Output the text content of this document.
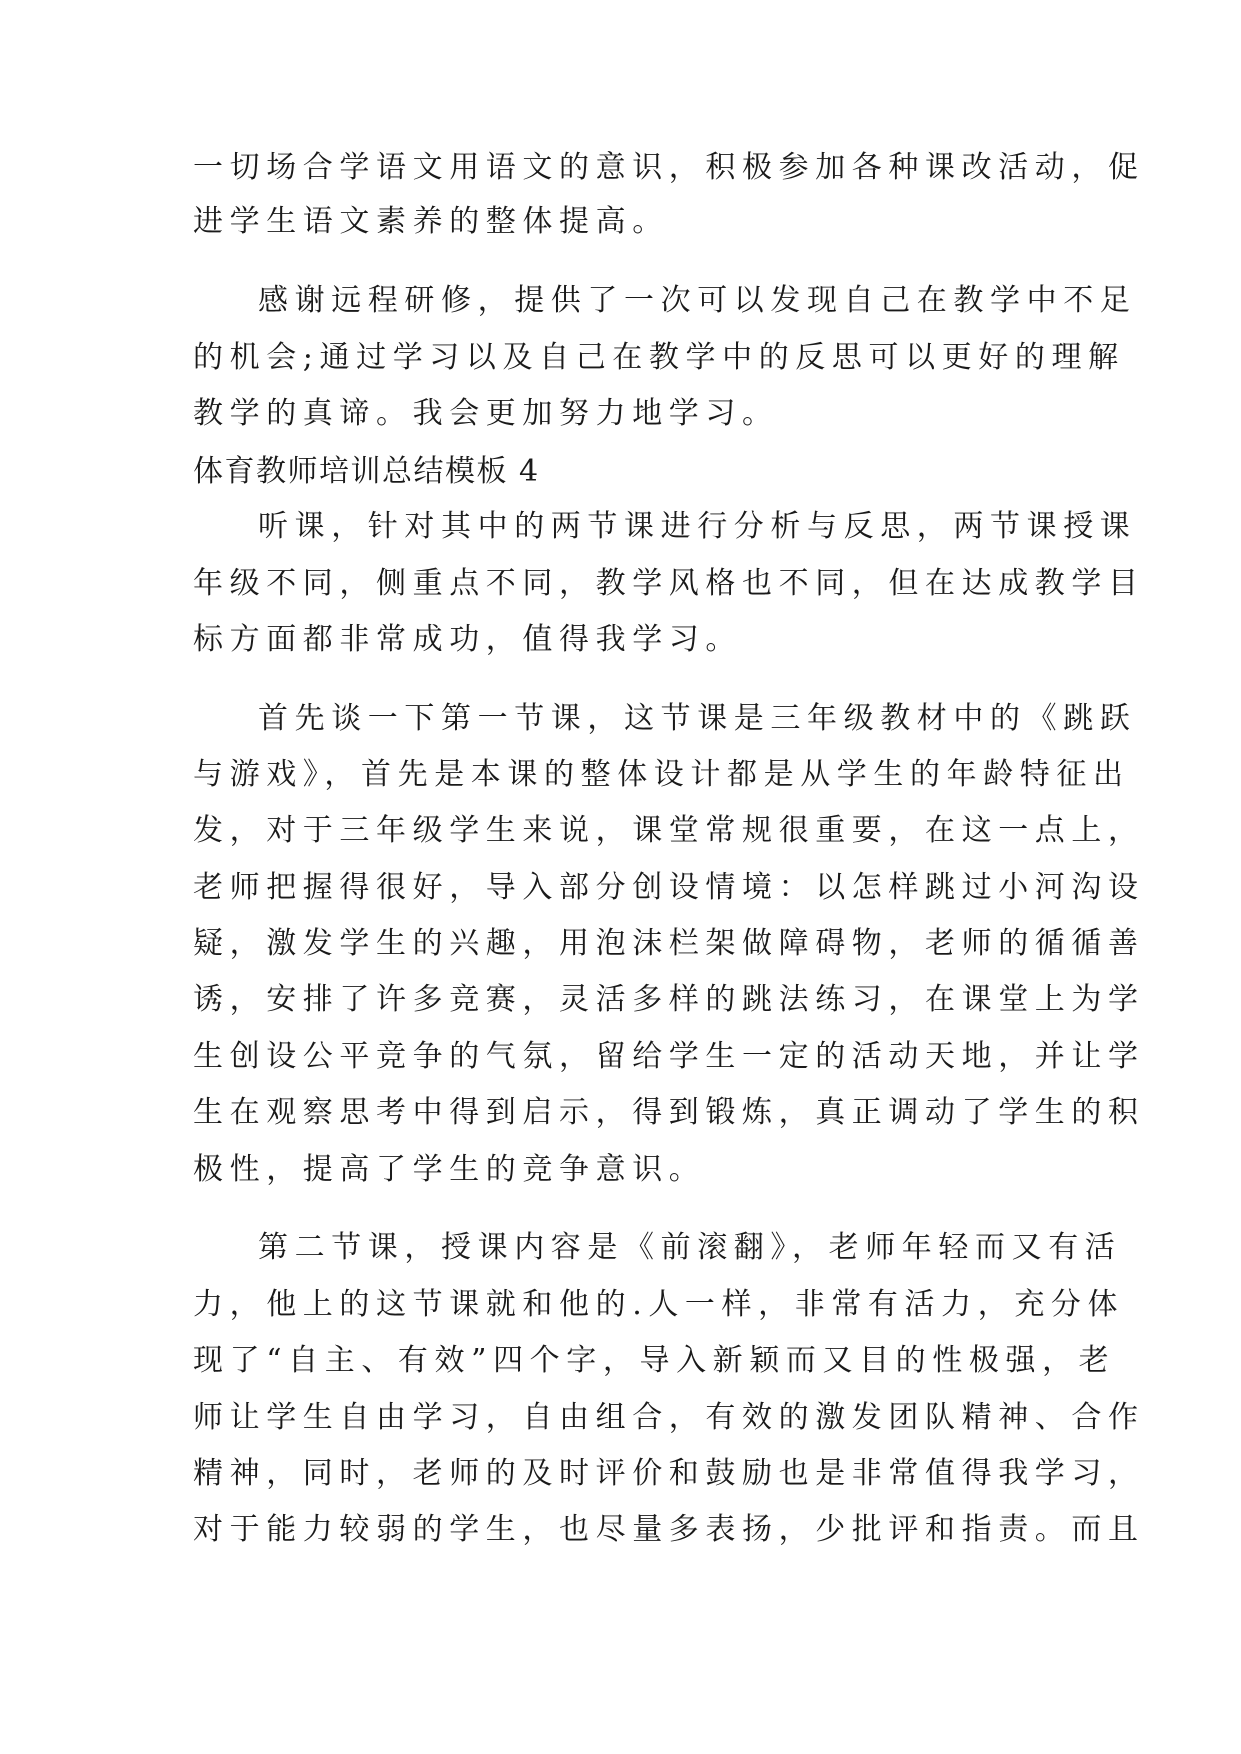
一切场合学语文用语文的意识，积极参加各种课改活动，促
进学生语文素养的整体提高。
感谢远程研修，提供了一次可以发现自己在教学中不足
的机会;通过学习以及自己在教学中的反思可以更好的理解
教学的真谛。我会更加努力地学习。
体育教师培训总结模板 4
听课，针对其中的两节课进行分析与反思，两节课授课
年级不同，侧重点不同，教学风格也不同，但在达成教学目
标方面都非常成功，值得我学习。
首先谈一下第一节课，这节课是三年级教材中的《跳跃
与游戏》，首先是本课的整体设计都是从学生的年龄特征出
发，对于三年级学生来说，课堂常规很重要，在这一点上，
老师把握得很好，导入部分创设情境：以怎样跳过小河沟设
疑，激发学生的兴趣，用泡沫栏架做障碍物，老师的循循善
诱，安排了许多竞赛，灵活多样的跳法练习，在课堂上为学
生创设公平竞争的气氛，留给学生一定的活动天地，并让学
生在观察思考中得到启示，得到锻炼，真正调动了学生的积
极性，提高了学生的竞争意识。
第二节课，授课内容是《前滚翻》，老师年轻而又有活
力，他上的这节课就和他的.人一样，非常有活力，充分体
现了“自主、有效”四个字，导入新颖而又目的性极强，老
师让学生自由学习，自由组合，有效的激发团队精神、合作
精神，同时，老师的及时评价和鼓励也是非常值得我学习，
对于能力较弱的学生，也尽量多表扬，少批评和指责。而且
